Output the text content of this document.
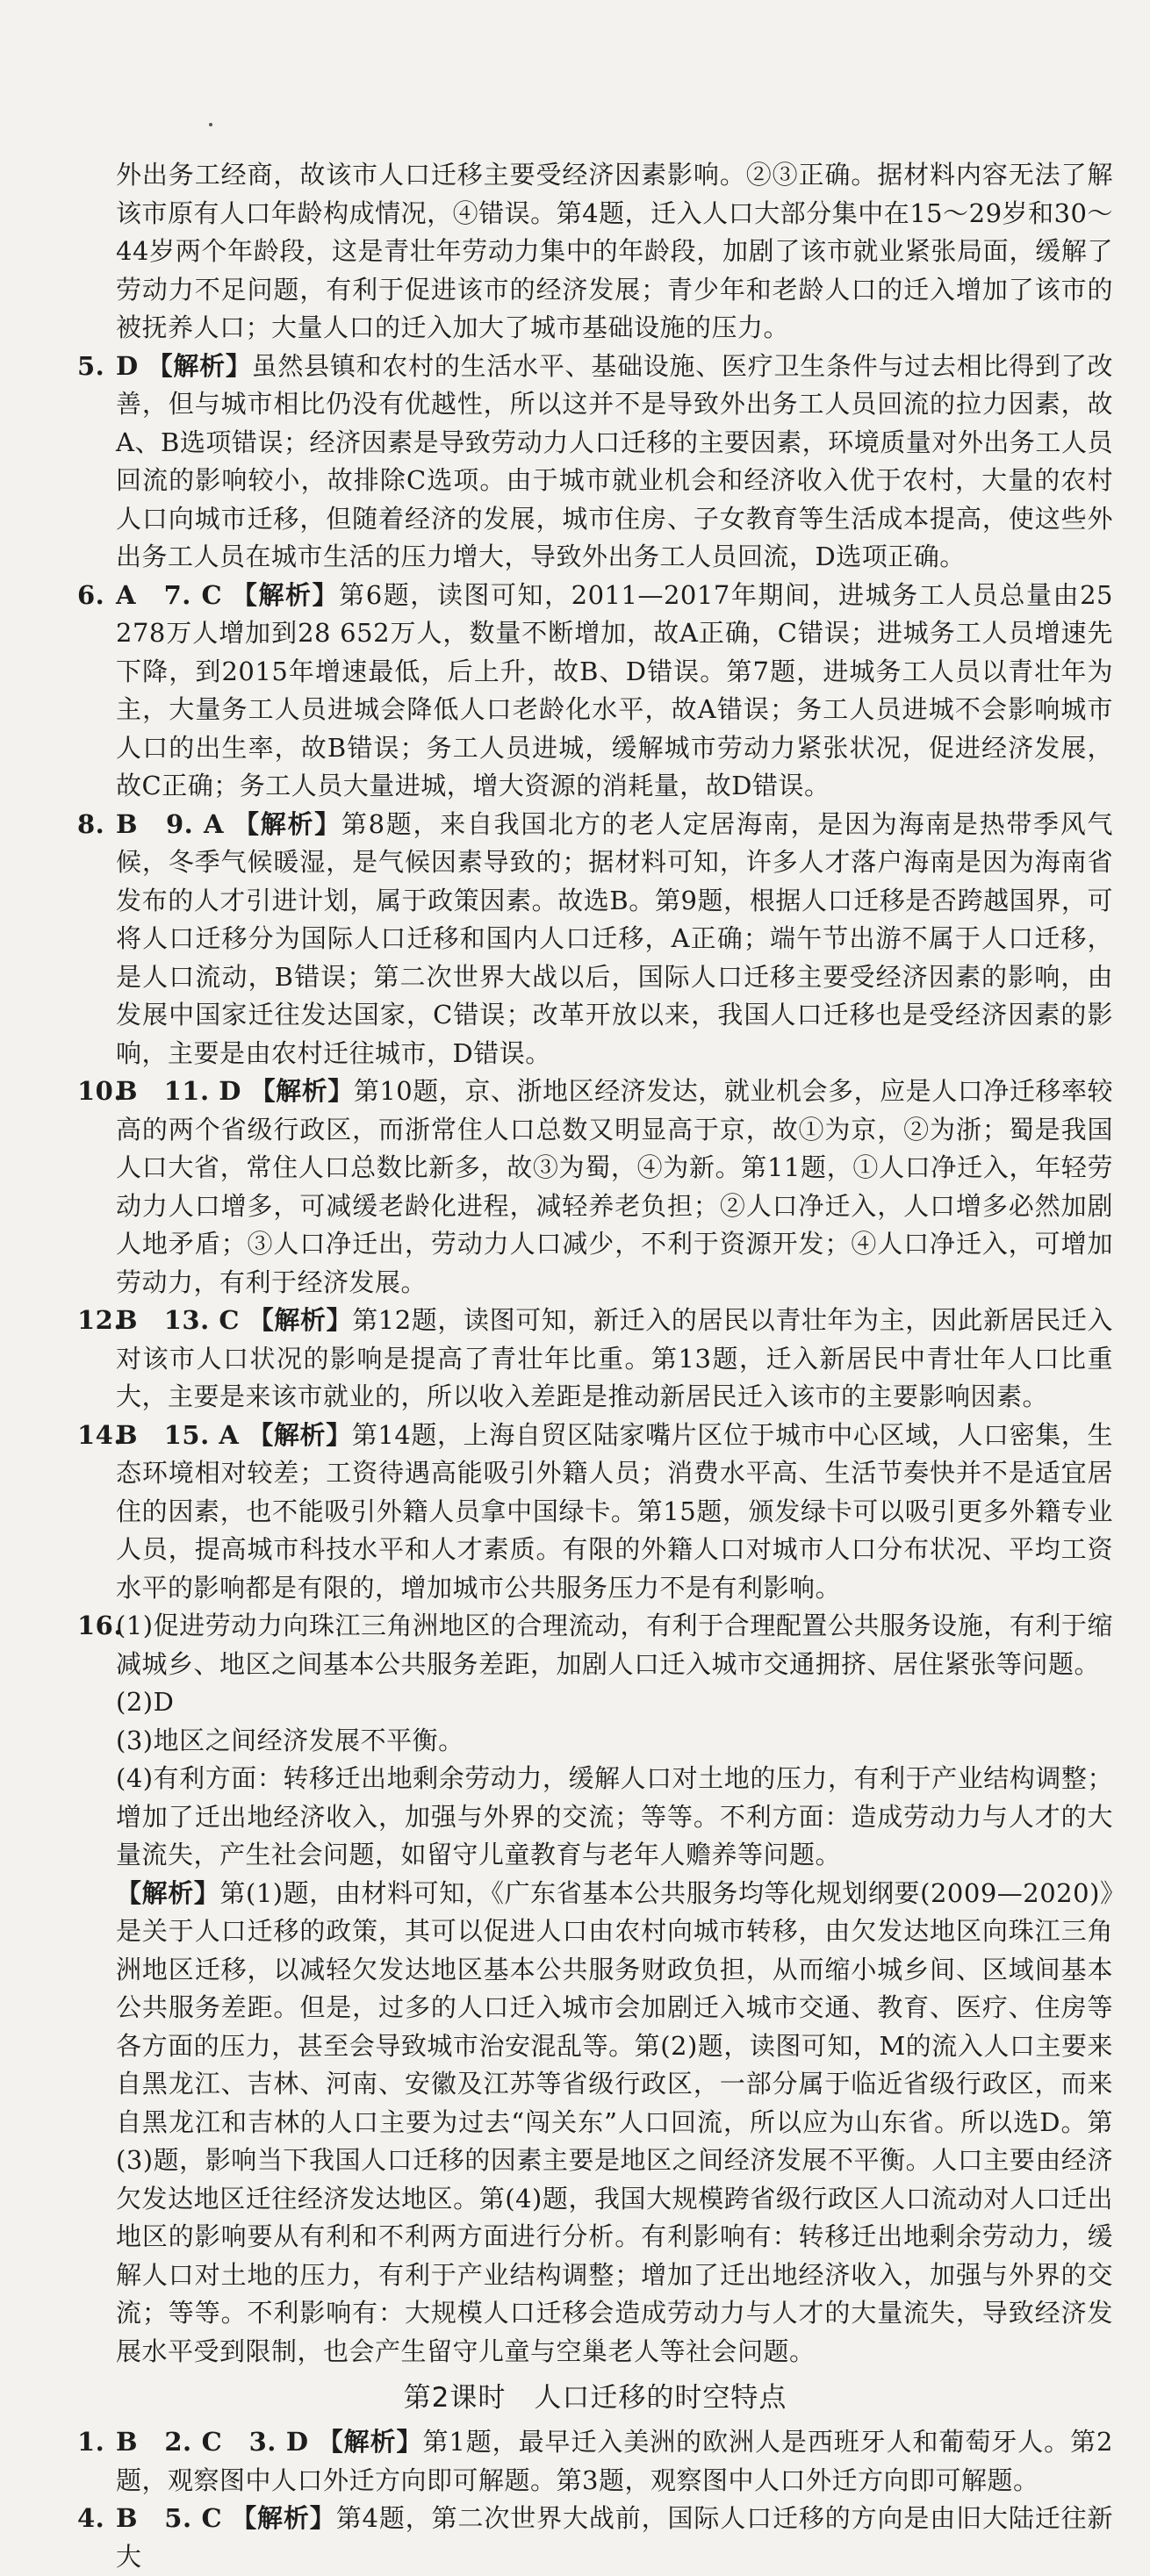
外出务工经商，故该市人口迁移主要受经济因素影响。②③正确。据材料内容无法了解该市原有人口年龄构成情况，④错误。第4题，迁入人口大部分集中在15～29岁和30～44岁两个年龄段，这是青壮年劳动力集中的年龄段，加剧了该市就业紧张局面，缓解了劳动力不足问题，有利于促进该市的经济发展；青少年和老龄人口的迁入增加了该市的被抚养人口；大量人口的迁入加大了城市基础设施的压力。

5. D 【解析】虽然县镇和农村的生活水平、基础设施、医疗卫生条件与过去相比得到了改善，但与城市相比仍没有优越性，所以这并不是导致外出务工人员回流的拉力因素，故A、B选项错误；经济因素是导致劳动力人口迁移的主要因素，环境质量对外出务工人员回流的影响较小，故排除C选项。由于城市就业机会和经济收入优于农村，大量的农村人口向城市迁移，但随着经济的发展，城市住房、子女教育等生活成本提高，使这些外出务工人员在城市生活的压力增大，导致外出务工人员回流，D选项正确。
6. A　7. C 【解析】第6题，读图可知，2011—2017年期间，进城务工人员总量由25 278万人增加到28 652万人，数量不断增加，故A正确，C错误；进城务工人员增速先下降，到2015年增速最低，后上升，故B、D错误。第7题，进城务工人员以青壮年为主，大量务工人员进城会降低人口老龄化水平，故A错误；务工人员进城不会影响城市人口的出生率，故B错误；务工人员进城，缓解城市劳动力紧张状况，促进经济发展，故C正确；务工人员大量进城，增大资源的消耗量，故D错误。
8. B　9. A 【解析】第8题，来自我国北方的老人定居海南，是因为海南是热带季风气候，冬季气候暖湿，是气候因素导致的；据材料可知，许多人才落户海南是因为海南省发布的人才引进计划，属于政策因素。故选B。第9题，根据人口迁移是否跨越国界，可将人口迁移分为国际人口迁移和国内人口迁移，A正确；端午节出游不属于人口迁移，是人口流动，B错误；第二次世界大战以后，国际人口迁移主要受经济因素的影响，由发展中国家迁往发达国家，C错误；改革开放以来，我国人口迁移也是受经济因素的影响，主要是由农村迁往城市，D错误。
10.
B　11. D 【解析】第10题，京、浙地区经济发达，就业机会多，应是人口净迁移率较高的两个省级行政区，而浙常住人口总数又明显高于京，故①为京，②为浙；蜀是我国人口大省，常住人口总数比新多，故③为蜀，④为新。第11题，①人口净迁入，年轻劳动力人口增多，可减缓老龄化进程，减轻养老负担；②人口净迁入，人口增多必然加剧人地矛盾；③人口净迁出，劳动力人口减少，不利于资源开发；④人口净迁入，可增加劳动力，有利于经济发展。
12.
B　13. C 【解析】第12题，读图可知，新迁入的居民以青壮年为主，因此新居民迁入对该市人口状况的影响是提高了青壮年比重。第13题，迁入新居民中青壮年人口比重大，主要是来该市就业的，所以收入差距是推动新居民迁入该市的主要影响因素。
14.
B　15. A 【解析】第14题，上海自贸区陆家嘴片区位于城市中心区域，人口密集，生态环境相对较差；工资待遇高能吸引外籍人员；消费水平高、生活节奏快并不是适宜居住的因素，也不能吸引外籍人员拿中国绿卡。第15题，颁发绿卡可以吸引更多外籍专业人员，提高城市科技水平和人才素质。有限的外籍人口对城市人口分布状况、平均工资水平的影响都是有限的，增加城市公共服务压力不是有利影响。
16.
(1)促进劳动力向珠江三角洲地区的合理流动，有利于合理配置公共服务设施，有利于缩减城乡、地区之间基本公共服务差距，加剧人口迁入城市交通拥挤、居住紧张等问题。
(2)D
(3)地区之间经济发展不平衡。
(4)有利方面：转移迁出地剩余劳动力，缓解人口对土地的压力，有利于产业结构调整；增加了迁出地经济收入，加强与外界的交流；等等。不利方面：造成劳动力与人才的大量流失，产生社会问题，如留守儿童教育与老年人赡养等问题。
【解析】第(1)题，由材料可知，《广东省基本公共服务均等化规划纲要(2009—2020)》是关于人口迁移的政策，其可以促进人口由农村向城市转移，由欠发达地区向珠江三角洲地区迁移，以减轻欠发达地区基本公共服务财政负担，从而缩小城乡间、区域间基本公共服务差距。但是，过多的人口迁入城市会加剧迁入城市交通、教育、医疗、住房等各方面的压力，甚至会导致城市治安混乱等。第(2)题，读图可知，M的流入人口主要来自黑龙江、吉林、河南、安徽及江苏等省级行政区，一部分属于临近省级行政区，而来自黑龙江和吉林的人口主要为过去“闯关东”人口回流，所以应为山东省。所以选D。第(3)题，影响当下我国人口迁移的因素主要是地区之间经济发展不平衡。人口主要由经济欠发达地区迁往经济发达地区。第(4)题，我国大规模跨省级行政区人口流动对人口迁出地区的影响要从有利和不利两方面进行分析。有利影响有：转移迁出地剩余劳动力，缓解人口对土地的压力，有利于产业结构调整；增加了迁出地经济收入，加强与外界的交流；等等。不利影响有：大规模人口迁移会造成劳动力与人才的大量流失，导致经济发展水平受到限制，也会产生留守儿童与空巢老人等社会问题。
第2课时　人口迁移的时空特点
1. B　2. C　3. D 【解析】第1题，最早迁入美洲的欧洲人是西班牙人和葡萄牙人。第2题，观察图中人口外迁方向即可解题。第3题，观察图中人口外迁方向即可解题。
4. B　5. C 【解析】第4题，第二次世界大战前，国际人口迁移的方向是由旧大陆迁往新大
